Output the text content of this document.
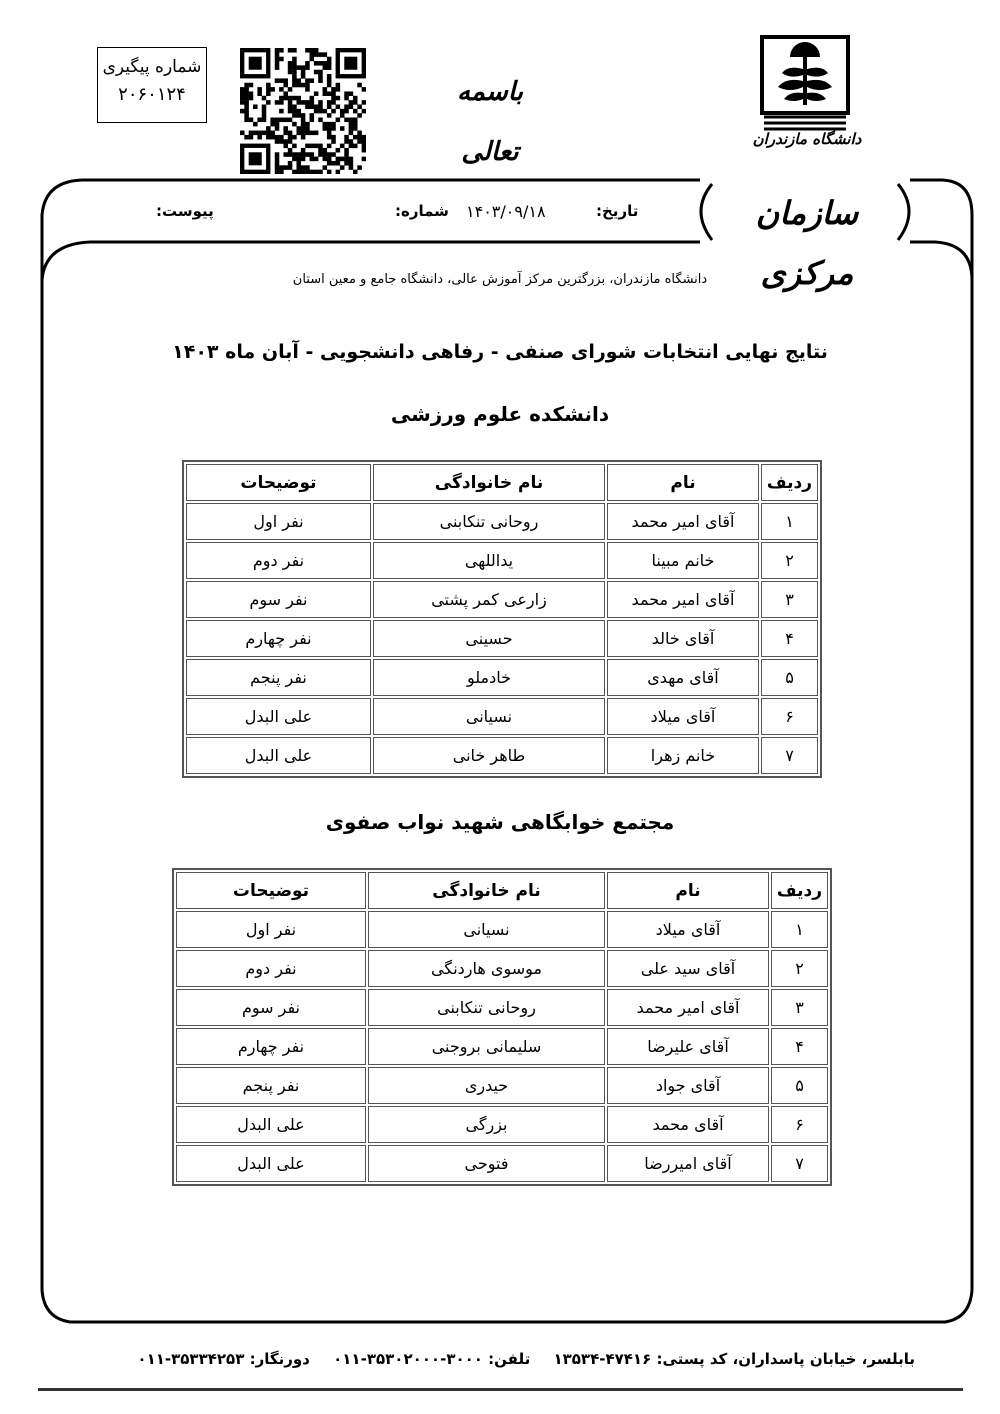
شماره پیگیری
۲۰۶۰۱۲۴	باسمه تعالی	دانشگاه مازندران
سازمان مرکزی
تاریخ:
۱۴۰۳/۰۹/۱۸
شماره:
پیوست:
دانشگاه مازندران، بزرگترین مرکز آموزش عالی، دانشگاه جامع و معین استان
نتایج نهایی انتخابات شورای صنفی - رفاهی دانشجویی - آبان ماه ۱۴۰۳
دانشکده علوم ورزشی
ردیف	نام	نام خانوادگی	توضیحات
۱	آقای امیر محمد	روحانی تنکابنی	نفر اول
۲	خانم مبینا	یداللهی	نفر دوم
۳	آقای امیر محمد	زارعی کمر پشتی	نفر سوم
۴	آقای خالد	حسینی	نفر چهارم
۵	آقای مهدی	خادملو	نفر پنجم
۶	آقای میلاد	نسیانی	علی البدل
۷	خانم زهرا	طاهر خانی	علی البدل
مجتمع خوابگاهی شهید نواب صفوی
ردیف	نام	نام خانوادگی	توضیحات
۱	آقای میلاد	نسیانی	نفر اول
۲	آقای سید علی	موسوی هاردنگی	نفر دوم
۳	آقای امیر محمد	روحانی تنکابنی	نفر سوم
۴	آقای علیرضا	سلیمانی بروجنی	نفر چهارم
۵	آقای جواد	حیدری	نفر پنجم
۶	آقای محمد	بزرگی	علی البدل
۷	آقای امیررضا	فتوحی	علی البدل
بابلسر، خیابان پاسداران، کد پستی: ۴۷۴۱۶-۱۳۵۳۴ تلفن: ۳۰۰۰-۳۵۳۰۲۰۰۰-۰۱۱ دورنگار: ۳۵۳۳۴۲۵۳-۰۱۱
